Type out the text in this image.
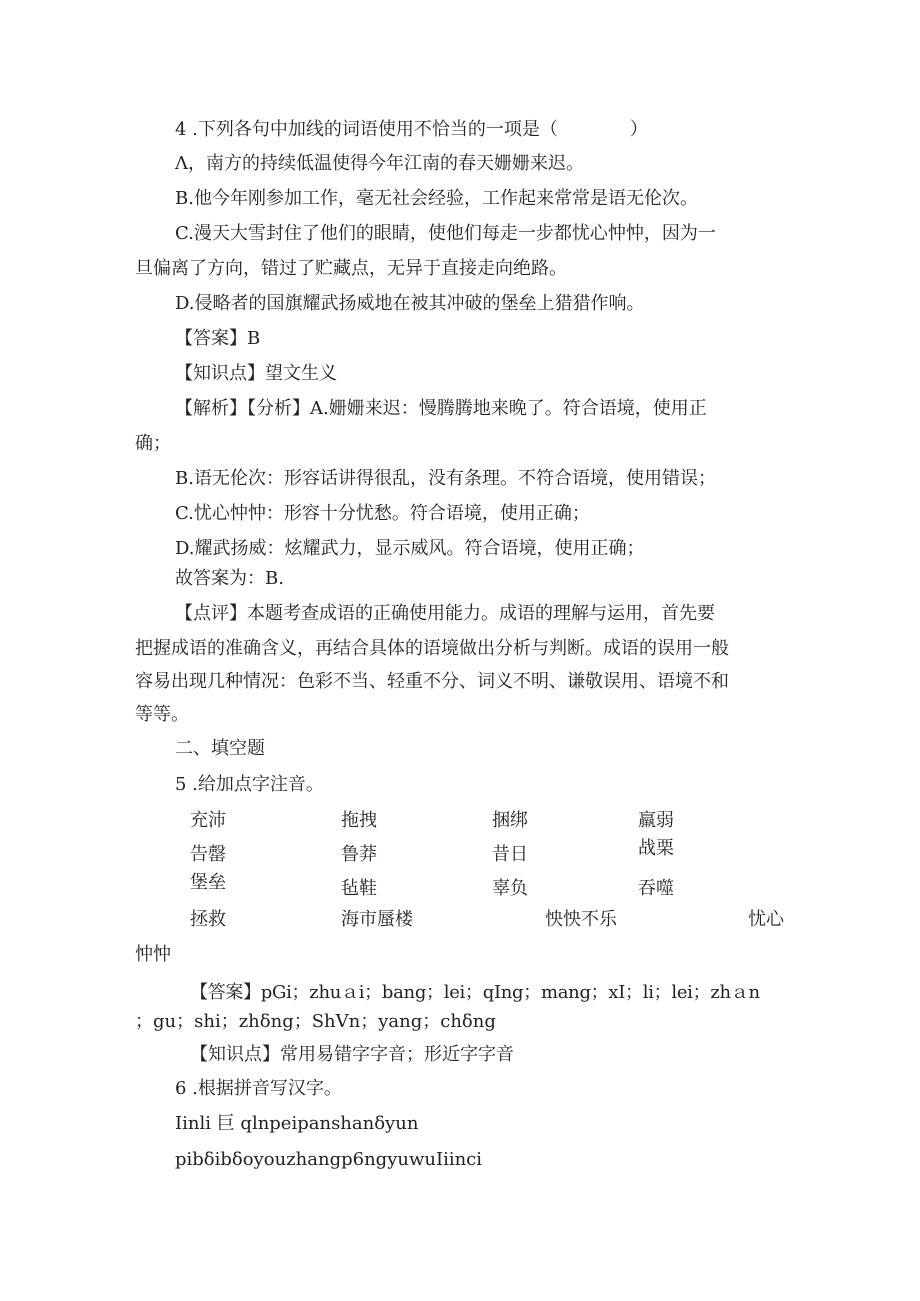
4 .下列各句中加线的词语使用不恰当的一项是（　　　　）
Λ，南方的持续低温使得今年江南的春天姗姗来迟。
B.他今年刚参加工作，毫无社会经验，工作起来常常是语无伦次。
C.漫天大雪封住了他们的眼睛，使他们每走一步都忧心忡忡，因为一
旦偏离了方向，错过了贮藏点，无异于直接走向绝路。
D.侵略者的国旗耀武扬威地在被其冲破的堡垒上猎猎作响。
【答案】B
【知识点】望文生义
【解析】【分析】A.姗姗来迟：慢腾腾地来晚了。符合语境，使用正
确；
B.语无伦次：形容话讲得很乱，没有条理。不符合语境，使用错误；
C.忧心忡忡：形容十分忧愁。符合语境，使用正确；
D.耀武扬威：炫耀武力，显示威风。符合语境，使用正确；
故答案为：B.
【点评】本题考查成语的正确使用能力。成语的理解与运用，首先要
把握成语的准确含义，再结合具体的语境做出分析与判断。成语的误用一般
容易出现几种情况：色彩不当、轻重不分、词义不明、谦敬误用、语境不和
等等。
二、填空题
5 .给加点字注音。
充沛	拖拽	捆绑	羸弱
告罄	鲁莽	昔日	战栗
堡垒	毡鞋	辜负	吞噬
拯救	海市蜃楼	怏怏不乐	忧心
忡忡
【答案】pGi；zhuａi；bang；lei；qIng；mang；xI；li；lei；zhａn
；gu；shi；zhδng；ShVn；yang；chδng
【知识点】常用易错字字音；形近字字音
6 .根据拼音写汉字。
Iinli 巨 qlnpeipanshanδyun
pibδibδoyouzhangp6ngyuwuIiinci
